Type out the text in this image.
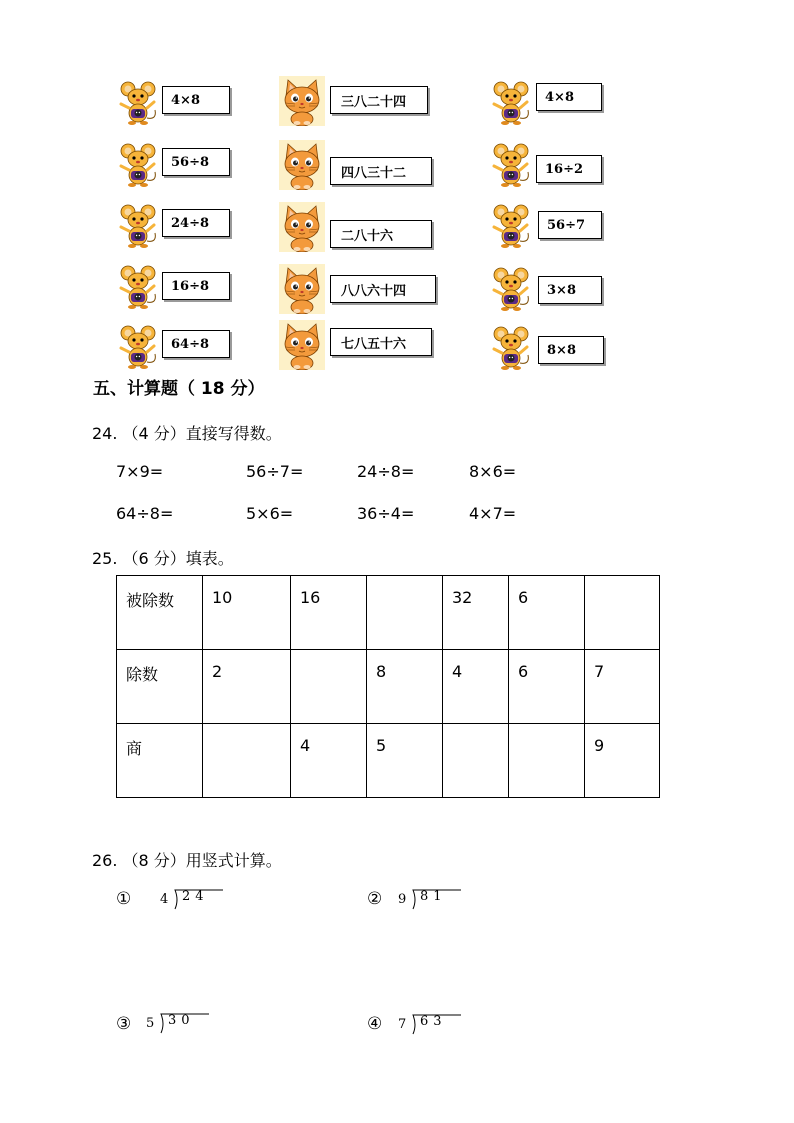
4×8	三八二十四	4×8
56÷8
四八三十二	16÷2
24÷8
二八十六
56÷7
16÷8	八八六十四	3×8
64÷8	七八五十六	8×8
五、计算题（ 18 分）
24. （4 分）直接写得数。
7×9=	56÷7=	24÷8=	8×6=
64÷8=	5×6=	36÷4=	4×7=
25. （6 分）填表。
被除数	10	16		32	6	
除数	2		8	4	6	7
商		4	5			9
26. （8 分）用竖式计算。
① 4 24	② 9 81
③ 5 30	④ 7 63
